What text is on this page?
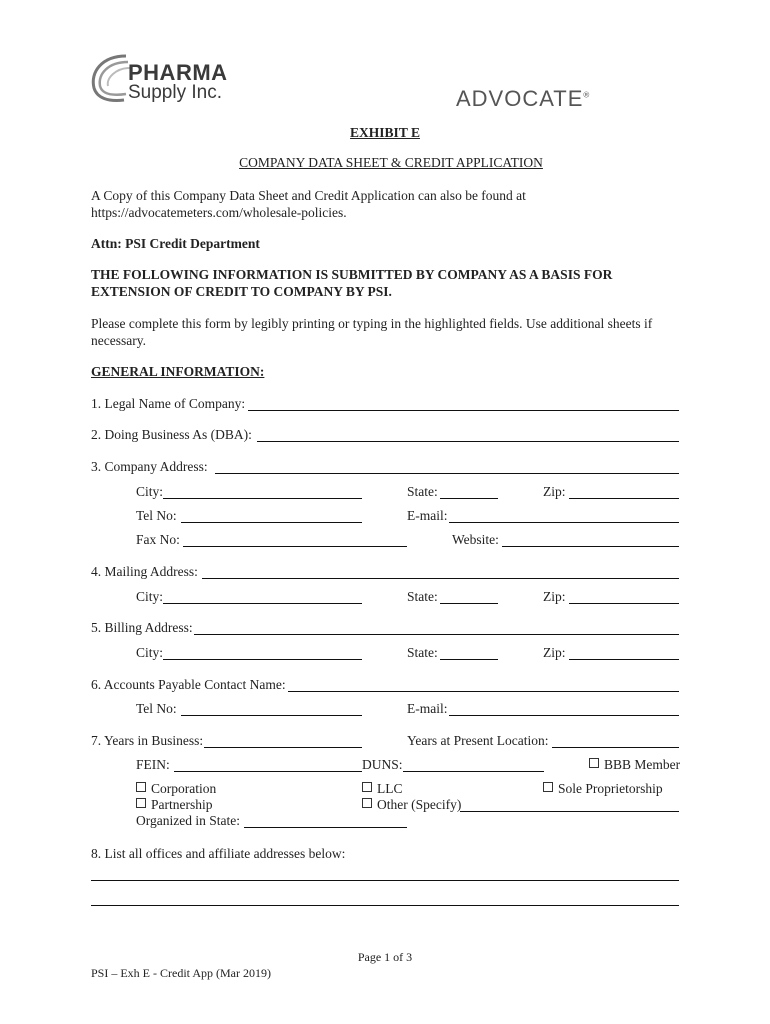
PHARMA
Supply Inc.	ADVOCATE®
EXHIBIT E
COMPANY DATA SHEET & CREDIT APPLICATION
A Copy of this Company Data Sheet and Credit Application can also be found at
https://advocatemeters.com/wholesale-policies.
Attn: PSI Credit Department
THE FOLLOWING INFORMATION IS SUBMITTED BY COMPANY AS A BASIS FOR
EXTENSION OF CREDIT TO COMPANY BY PSI.
Please complete this form by legibly printing or typing in the highlighted fields. Use additional sheets if
necessary.
GENERAL INFORMATION:
1. Legal Name of Company:
2. Doing Business As (DBA):
3. Company Address:
City:	State:	Zip:
Tel No:	E-mail:
Fax No:	Website:
4. Mailing Address:
City:	State:	Zip:
5. Billing Address:
City:	State:	Zip:
6. Accounts Payable Contact Name:
Tel No:	E-mail:
7. Years in Business:	Years at Present Location:
FEIN:	DUNS:	BBB Member
Corporation	LLC	Sole Proprietorship
Partnership	Other (Specify)
Organized in State:
8. List all offices and affiliate addresses below:
Page 1 of 3
PSI – Exh E - Credit App (Mar 2019)
